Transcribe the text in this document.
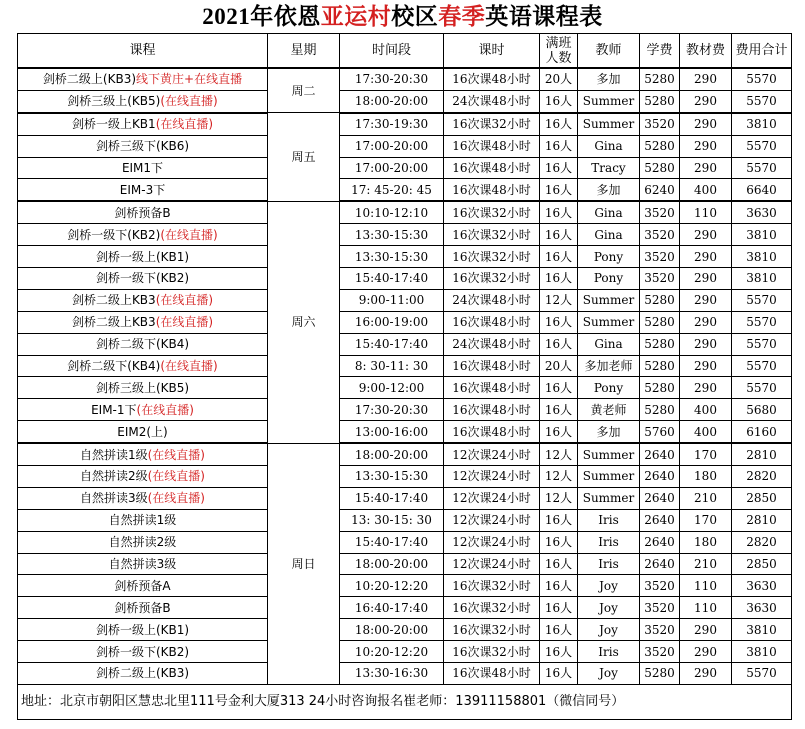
2021年依恩亚运村校区春季英语课程表
课程	星期	时间段	课时	满班人数	教师	学费	教材费	费用合计
剑桥二级上(KB3)线下黄庄+在线直播	周二	17:30-20:30	16次课48小时	20人	多加	5280	290	5570
剑桥三级上(KB5)(在线直播)		18:00-20:00	24次课48小时	16人	Summer	5280	290	5570
剑桥一级上KB1(在线直播)	周五	17:30-19:30	16次课32小时	16人	Summer	3520	290	3810
剑桥三级下(KB6)		17:00-20:00	16次课48小时	16人	Gina	5280	290	5570
EIM1下		17:00-20:00	16次课48小时	16人	Tracy	5280	290	5570
EIM-3下		17: 45-20: 45	16次课48小时	16人	多加	6240	400	6640
剑桥预备B	周六	10:10-12:10	16次课32小时	16人	Gina	3520	110	3630
剑桥一级下(KB2)(在线直播)		13:30-15:30	16次课32小时	16人	Gina	3520	290	3810
剑桥一级上(KB1)		13:30-15:30	16次课32小时	16人	Pony	3520	290	3810
剑桥一级下(KB2)		15:40-17:40	16次课32小时	16人	Pony	3520	290	3810
剑桥二级上KB3(在线直播)		9:00-11:00	24次课48小时	12人	Summer	5280	290	5570
剑桥二级上KB3(在线直播)		16:00-19:00	16次课48小时	16人	Summer	5280	290	5570
剑桥二级下(KB4)		15:40-17:40	24次课48小时	16人	Gina	5280	290	5570
剑桥二级下(KB4)(在线直播)		8: 30-11: 30	16次课48小时	20人	多加老师	5280	290	5570
剑桥三级上(KB5)		9:00-12:00	16次课48小时	16人	Pony	5280	290	5570
EIM-1下(在线直播)		17:30-20:30	16次课48小时	16人	黄老师	5280	400	5680
EIM2(上)		13:00-16:00	16次课48小时	16人	多加	5760	400	6160
自然拼读1级(在线直播)	周日	18:00-20:00	12次课24小时	12人	Summer	2640	170	2810
自然拼读2级(在线直播)		13:30-15:30	12次课24小时	12人	Summer	2640	180	2820
自然拼读3级(在线直播)		15:40-17:40	12次课24小时	12人	Summer	2640	210	2850
自然拼读1级		13: 30-15: 30	12次课24小时	16人	Iris	2640	170	2810
自然拼读2级		15:40-17:40	12次课24小时	16人	Iris	2640	180	2820
自然拼读3级		18:00-20:00	12次课24小时	16人	Iris	2640	210	2850
剑桥预备A		10:20-12:20	16次课32小时	16人	Joy	3520	110	3630
剑桥预备B		16:40-17:40	16次课32小时	16人	Joy	3520	110	3630
剑桥一级上(KB1)		18:00-20:00	16次课32小时	16人	Joy	3520	290	3810
剑桥一级下(KB2)		10:20-12:20	16次课32小时	16人	Iris	3520	290	3810
剑桥二级上(KB3)		13:30-16:30	16次课48小时	16人	Joy	5280	290	5570
地址：北京市朝阳区慧忠北里111号金利大厦313 24小时咨询报名崔老师：13911158801（微信同号）								
